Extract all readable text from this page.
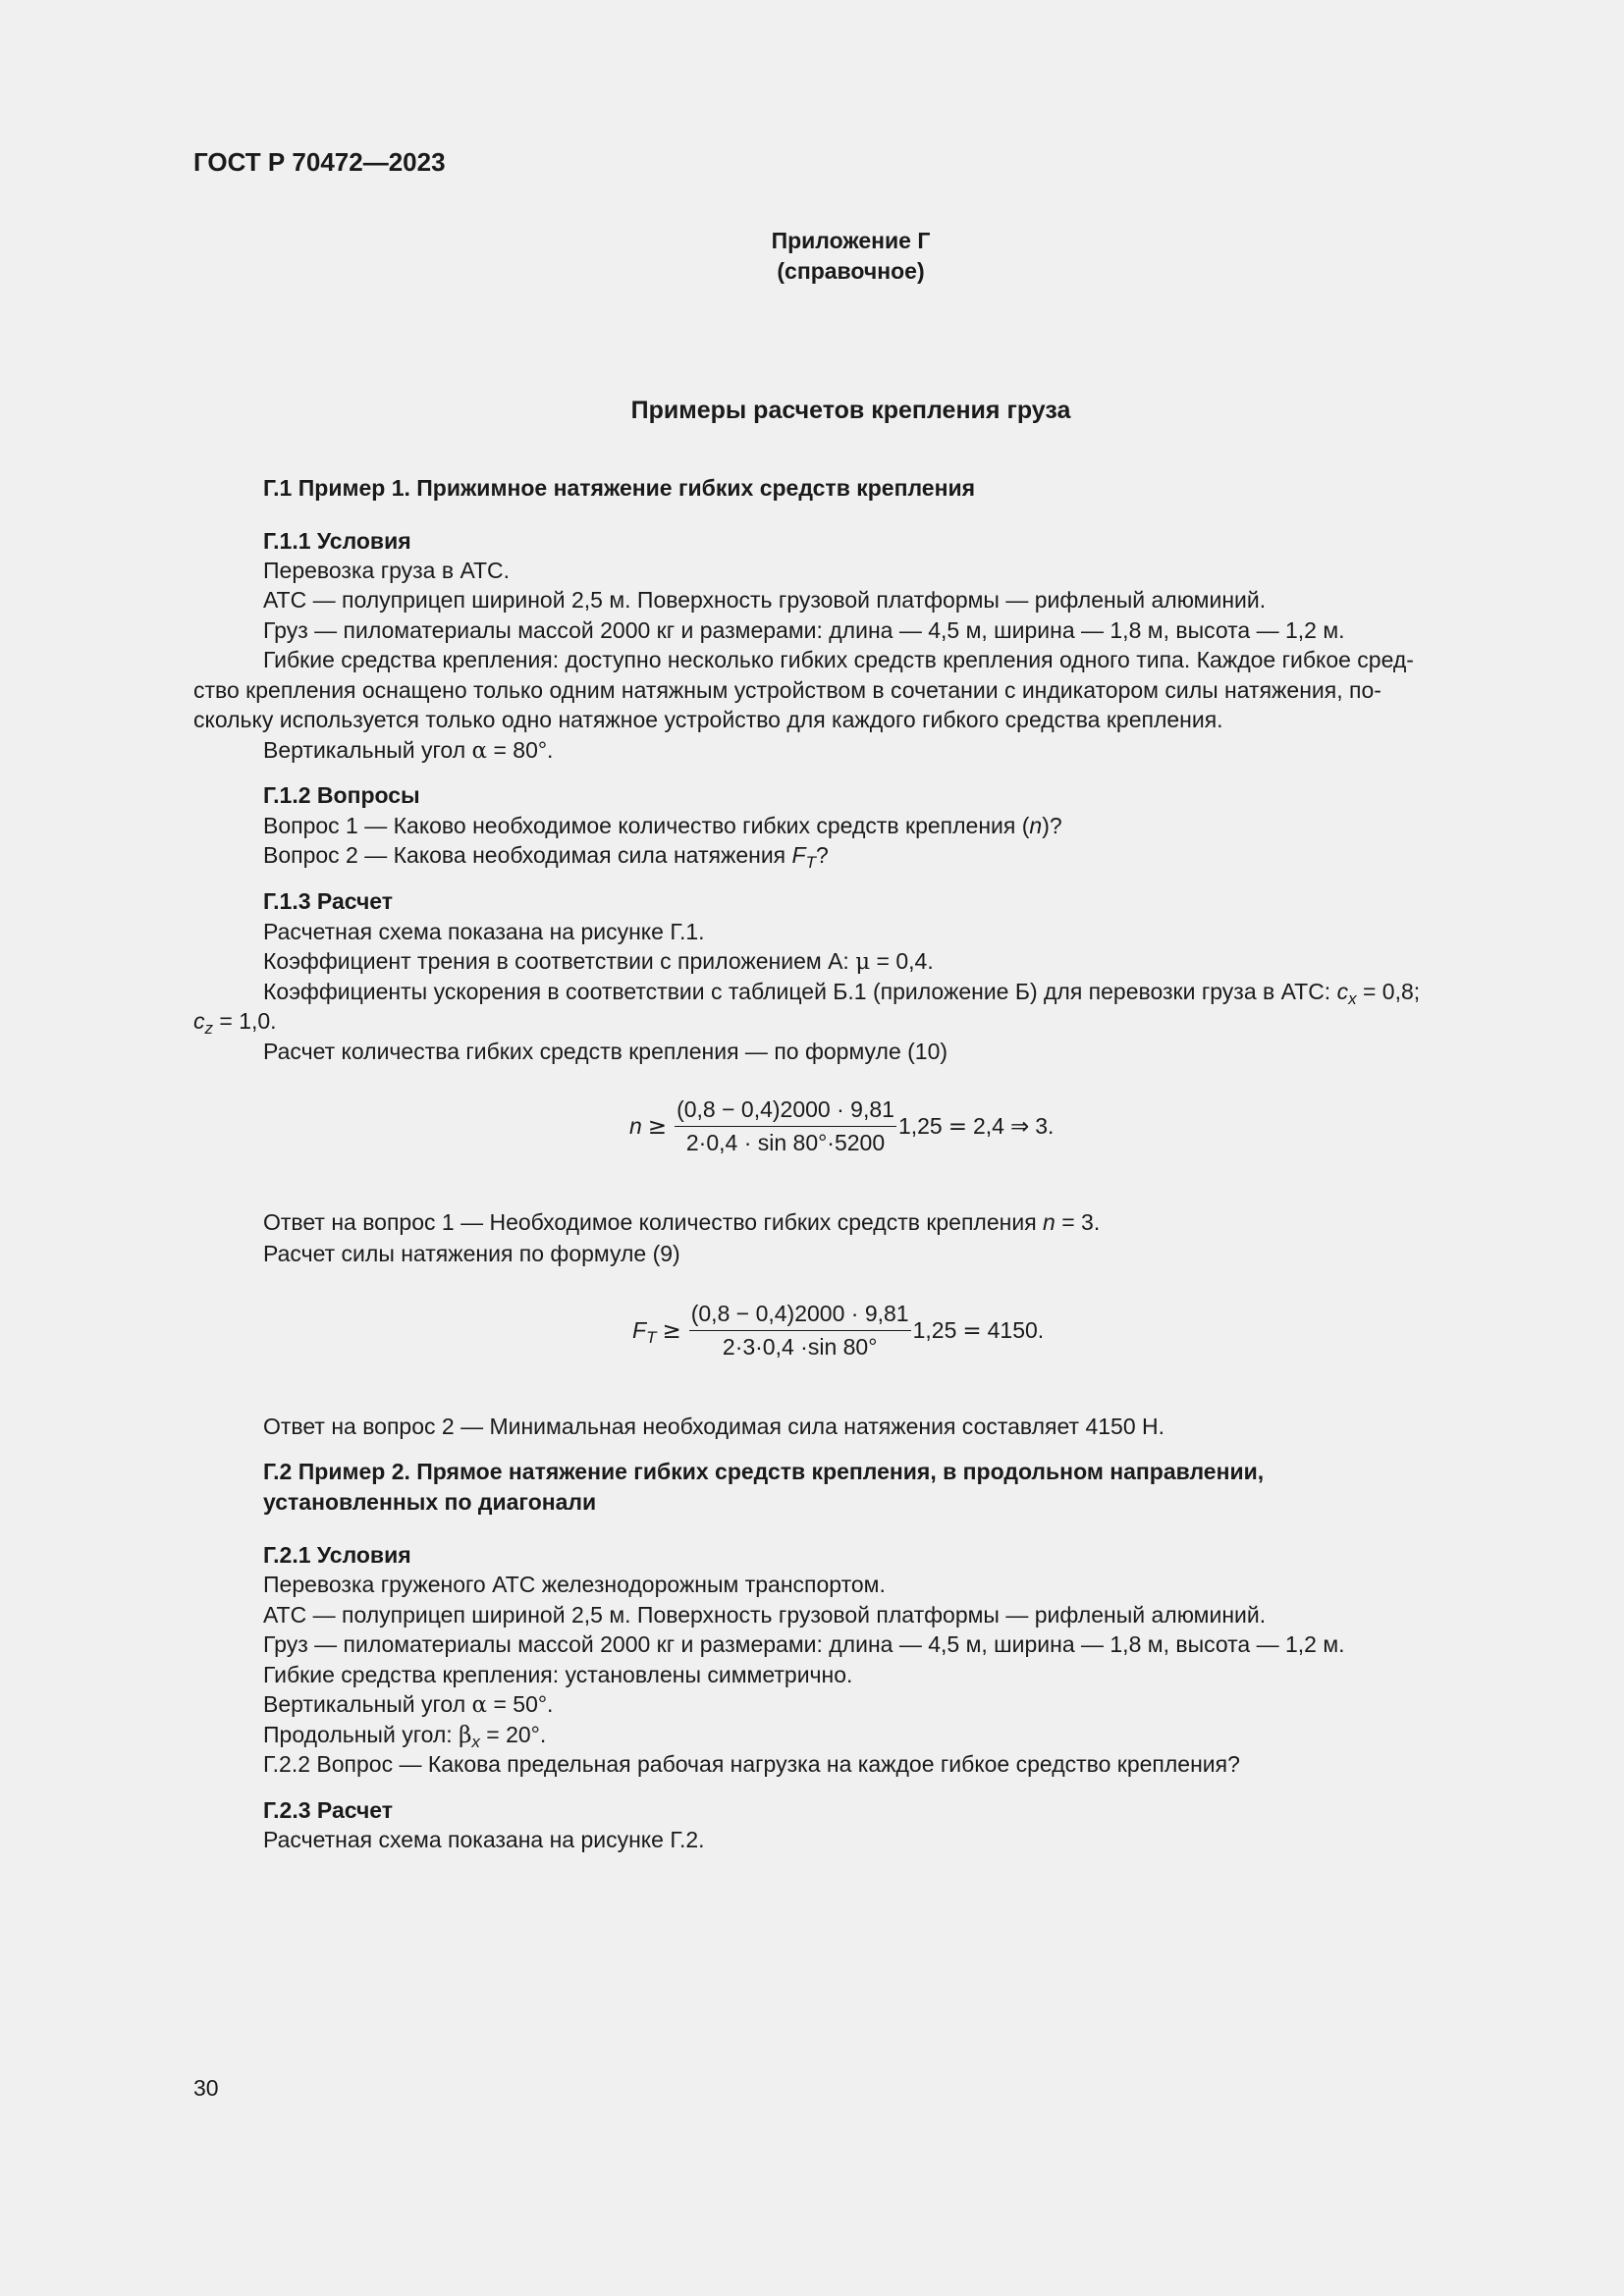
ГОСТ Р 70472—2023
Приложение Г
(справочное)
Примеры расчетов крепления груза
Г.1 Пример 1. Прижимное натяжение гибких средств крепления
Г.1.1 Условия
Перевозка груза в АТС.
АТС — полуприцеп шириной 2,5 м. Поверхность грузовой платформы — рифленый алюминий.
Груз — пиломатериалы массой 2000 кг и размерами: длина — 4,5 м, ширина — 1,8 м, высота — 1,2 м.
Гибкие средства крепления: доступно несколько гибких средств крепления одного типа. Каждое гибкое сред-
ство крепления оснащено только одним натяжным устройством в сочетании с индикатором силы натяжения, по-
скольку используется только одно натяжное устройство для каждого гибкого средства крепления.
Вертикальный угол α = 80°.
Г.1.2 Вопросы
Вопрос 1 — Каково необходимое количество гибких средств крепления (n)?
Вопрос 2 — Какова необходимая сила натяжения $F_T$?
Г.1.3 Расчет
Расчетная схема показана на рисунке Г.1.
Коэффициент трения в соответствии с приложением А: μ = 0,4.
Коэффициенты ускорения в соответствии с таблицей Б.1 (приложение Б) для перевозки груза в АТС: $c_x = 0,8$;
$c_z = 1,0$.
Расчет количества гибких средств крепления — по формуле (10)
$n \ge \frac{(0,8 - 0,4)2000 \cdot 9,81}{2\cdot 0,4 \cdot \sin 80^\circ\cdot 5200} 1,25 = 2,4$ ⇒ 3.
Ответ на вопрос 1 — Необходимое количество гибких средств крепления n = 3.
Расчет силы натяжения по формуле (9)
$F_T \ge \frac{(0,8 - 0,4)2000 \cdot 9,81}{2\cdot 3\cdot 0,4 \cdot\sin 80^\circ} 1,25 = 4150$.
Ответ на вопрос 2 — Минимальная необходимая сила натяжения составляет 4150 Н.
Г.2 Пример 2. Прямое натяжение гибких средств крепления, в продольном направлении,
установленных по диагонали
Г.2.1 Условия
Перевозка груженого АТС железнодорожным транспортом.
АТС — полуприцеп шириной 2,5 м. Поверхность грузовой платформы — рифленый алюминий.
Груз — пиломатериалы массой 2000 кг и размерами: длина — 4,5 м, ширина — 1,8 м, высота — 1,2 м.
Гибкие средства крепления: установлены симметрично.
Вертикальный угол α = 50°.
Продольный угол: $\beta_x = 20^\circ$.
Г.2.2 Вопрос — Какова предельная рабочая нагрузка на каждое гибкое средство крепления?
Г.2.3 Расчет
Расчетная схема показана на рисунке Г.2.
30
